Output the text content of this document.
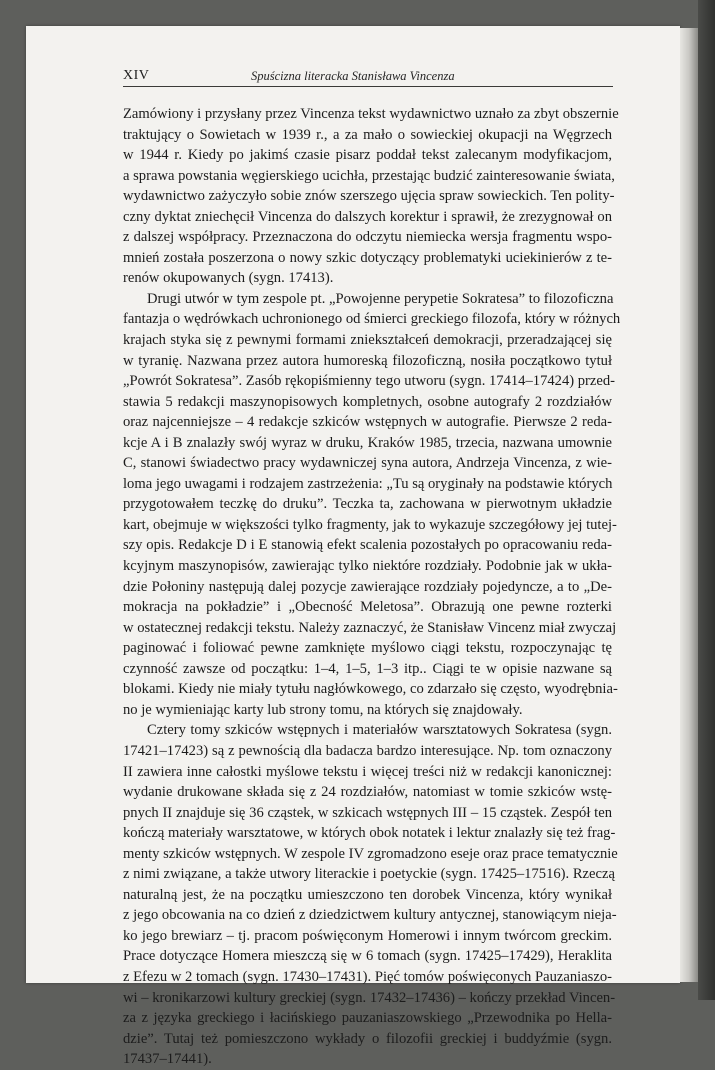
XIV	Spuścizna literacka Stanisława Vincenza
Zamówiony i przysłany przez Vincenza tekst wydawnictwo uznało za zbyt obszernie
traktujący o Sowietach w 1939 r., a za mało o sowieckiej okupacji na Węgrzech
w 1944 r. Kiedy po jakimś czasie pisarz poddał tekst zalecanym modyfikacjom,
a sprawa powstania węgierskiego ucichła, przestając budzić zainteresowanie świata,
wydawnictwo zażyczyło sobie znów szerszego ujęcia spraw sowieckich. Ten polity-
czny dyktat zniechęcił Vincenza do dalszych korektur i sprawił, że zrezygnował on
z dalszej współpracy. Przeznaczona do odczytu niemiecka wersja fragmentu wspo-
mnień została poszerzona o nowy szkic dotyczący problematyki uciekinierów z te-
renów okupowanych (sygn. 17413).
Drugi utwór w tym zespole pt. „Powojenne perypetie Sokratesa” to filozoficzna
fantazja o wędrówkach uchronionego od śmierci greckiego filozofa, który w różnych
krajach styka się z pewnymi formami zniekształceń demokracji, przeradzającej się
w tyranię. Nazwana przez autora humoreską filozoficzną, nosiła początkowo tytuł
„Powrót Sokratesa”. Zasób rękopiśmienny tego utworu (sygn. 17414–17424) przed-
stawia 5 redakcji maszynopisowych kompletnych, osobne autografy 2 rozdziałów
oraz najcenniejsze – 4 redakcje szkiców wstępnych w autografie. Pierwsze 2 reda-
kcje A i B znalazły swój wyraz w druku, Kraków 1985, trzecia, nazwana umownie
C, stanowi świadectwo pracy wydawniczej syna autora, Andrzeja Vincenza, z wie-
loma jego uwagami i rodzajem zastrzeżenia: „Tu są oryginały na podstawie których
przygotowałem teczkę do druku”. Teczka ta, zachowana w pierwotnym układzie
kart, obejmuje w większości tylko fragmenty, jak to wykazuje szczegółowy jej tutej-
szy opis. Redakcje D i E stanowią efekt scalenia pozostałych po opracowaniu reda-
kcyjnym maszynopisów, zawierając tylko niektóre rozdziały. Podobnie jak w ukła-
dzie Połoniny następują dalej pozycje zawierające rozdziały pojedyncze, a to „De-
mokracja na pokładzie” i „Obecność Meletosa”. Obrazują one pewne rozterki
w ostatecznej redakcji tekstu. Należy zaznaczyć, że Stanisław Vincenz miał zwyczaj
paginować i foliować pewne zamknięte myślowo ciągi tekstu, rozpoczynając tę
czynność zawsze od początku: 1–4, 1–5, 1–3 itp.. Ciągi te w opisie nazwane są
blokami. Kiedy nie miały tytułu nagłówkowego, co zdarzało się często, wyodrębnia-
no je wymieniając karty lub strony tomu, na których się znajdowały.
Cztery tomy szkiców wstępnych i materiałów warsztatowych Sokratesa (sygn.
17421–17423) są z pewnością dla badacza bardzo interesujące. Np. tom oznaczony
II zawiera inne całostki myślowe tekstu i więcej treści niż w redakcji kanonicznej:
wydanie drukowane składa się z 24 rozdziałów, natomiast w tomie szkiców wstę-
pnych II znajduje się 36 cząstek, w szkicach wstępnych III – 15 cząstek. Zespół ten
kończą materiały warsztatowe, w których obok notatek i lektur znalazły się też frag-
menty szkiców wstępnych. W zespole IV zgromadzono eseje oraz prace tematycznie
z nimi związane, a także utwory literackie i poetyckie (sygn. 17425–17516). Rzeczą
naturalną jest, że na początku umieszczono ten dorobek Vincenza, który wynikał
z jego obcowania na co dzień z dziedzictwem kultury antycznej, stanowiącym nieja-
ko jego brewiarz – tj. pracom poświęconym Homerowi i innym twórcom greckim.
Prace dotyczące Homera mieszczą się w 6 tomach (sygn. 17425–17429), Heraklita
z Efezu w 2 tomach (sygn. 17430–17431). Pięć tomów poświęconych Pauzaniaszo-
wi – kronikarzowi kultury greckiej (sygn. 17432–17436) – kończy przekład Vincen-
za z języka greckiego i łacińskiego pauzaniaszowskiego „Przewodnika po Hella-
dzie”. Tutaj też pomieszczono wykłady o filozofii greckiej i buddyźmie (sygn.
17437–17441).
